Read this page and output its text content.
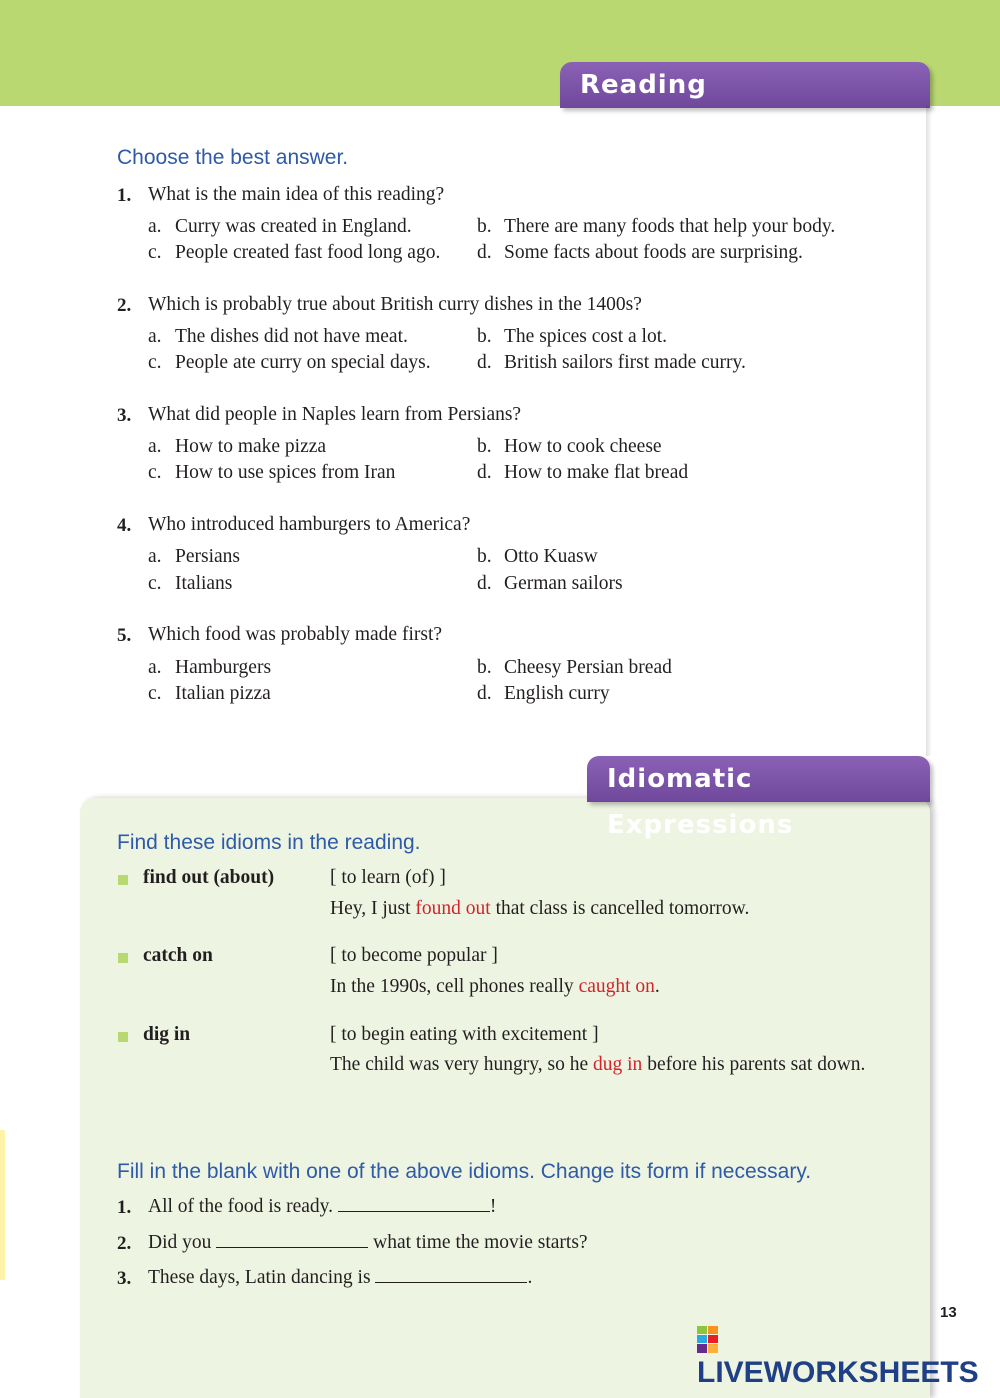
Reading Comprehension
Choose the best answer.
1. What is the main idea of this reading?
a. Curry was created in England.	b. There are many foods that help your body.
c. People created fast food long ago. d. Some facts about foods are surprising.
2. Which is probably true about British curry dishes in the 1400s?
a. The dishes did not have meat.	b. The spices cost a lot.
c. People ate curry on special days. d. British sailors first made curry.
3. What did people in Naples learn from Persians?
a. How to make pizza	b. How to cook cheese
c. How to use spices from Iran	d. How to make flat bread
4. Who introduced hamburgers to America?
a. Persians	b. Otto Kuasw
c. Italians	d. German sailors
5. Which food was probably made first?
a. Hamburgers	b. Cheesy Persian bread
c. Italian pizza	d. English curry
Idiomatic Expressions
Find these idioms in the reading.
find out (about)	[ to learn (of) ]
Hey, I just found out that class is cancelled tomorrow.
catch on	[ to become popular ]
In the 1990s, cell phones really caught on.
dig in	[ to begin eating with excitement ]
The child was very hungry, so he dug in before his parents sat down.
Fill in the blank with one of the above idioms. Change its form if necessary.
1. All of the food is ready.	!
2. Did you	what time the movie starts?
3. These days, Latin dancing is	.
13
LIVEWORKSHEETS
